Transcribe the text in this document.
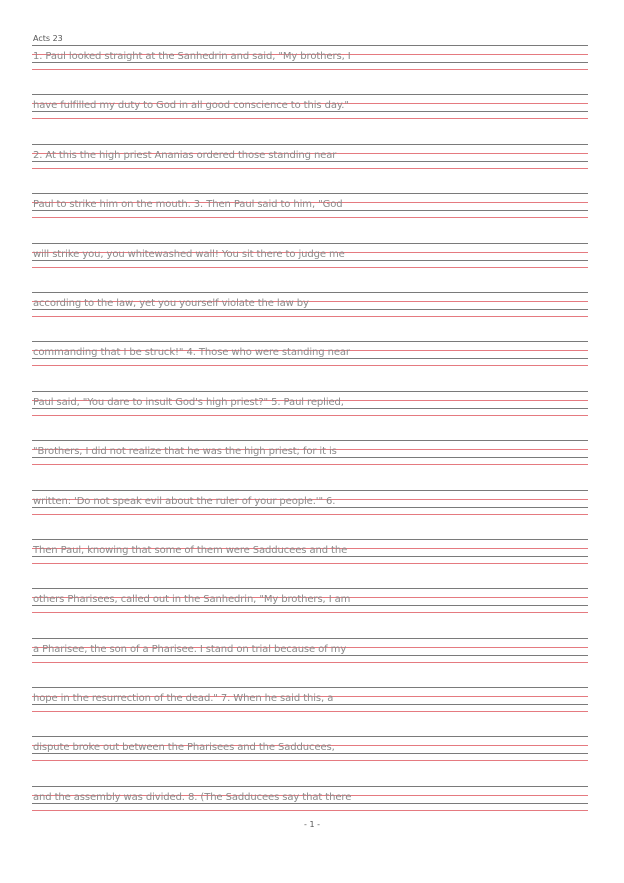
Acts 23
1. Paul looked straight at the Sanhedrin and said, "My brothers, I
have fulfilled my duty to God in all good conscience to this day."
2. At this the high priest Ananias ordered those standing near
Paul to strike him on the mouth. 3. Then Paul said to him, "God
will strike you, you whitewashed wall! You sit there to judge me
according to the law, yet you yourself violate the law by
commanding that I be struck!" 4. Those who were standing near
Paul said, "You dare to insult God's high priest?" 5. Paul replied,
"Brothers, I did not realize that he was the high priest; for it is
written: 'Do not speak evil about the ruler of your people.'" 6.
Then Paul, knowing that some of them were Sadducees and the
others Pharisees, called out in the Sanhedrin, "My brothers, I am
a Pharisee, the son of a Pharisee. I stand on trial because of my
hope in the resurrection of the dead." 7. When he said this, a
dispute broke out between the Pharisees and the Sadducees,
and the assembly was divided. 8. (The Sadducees say that there
- 1 -
